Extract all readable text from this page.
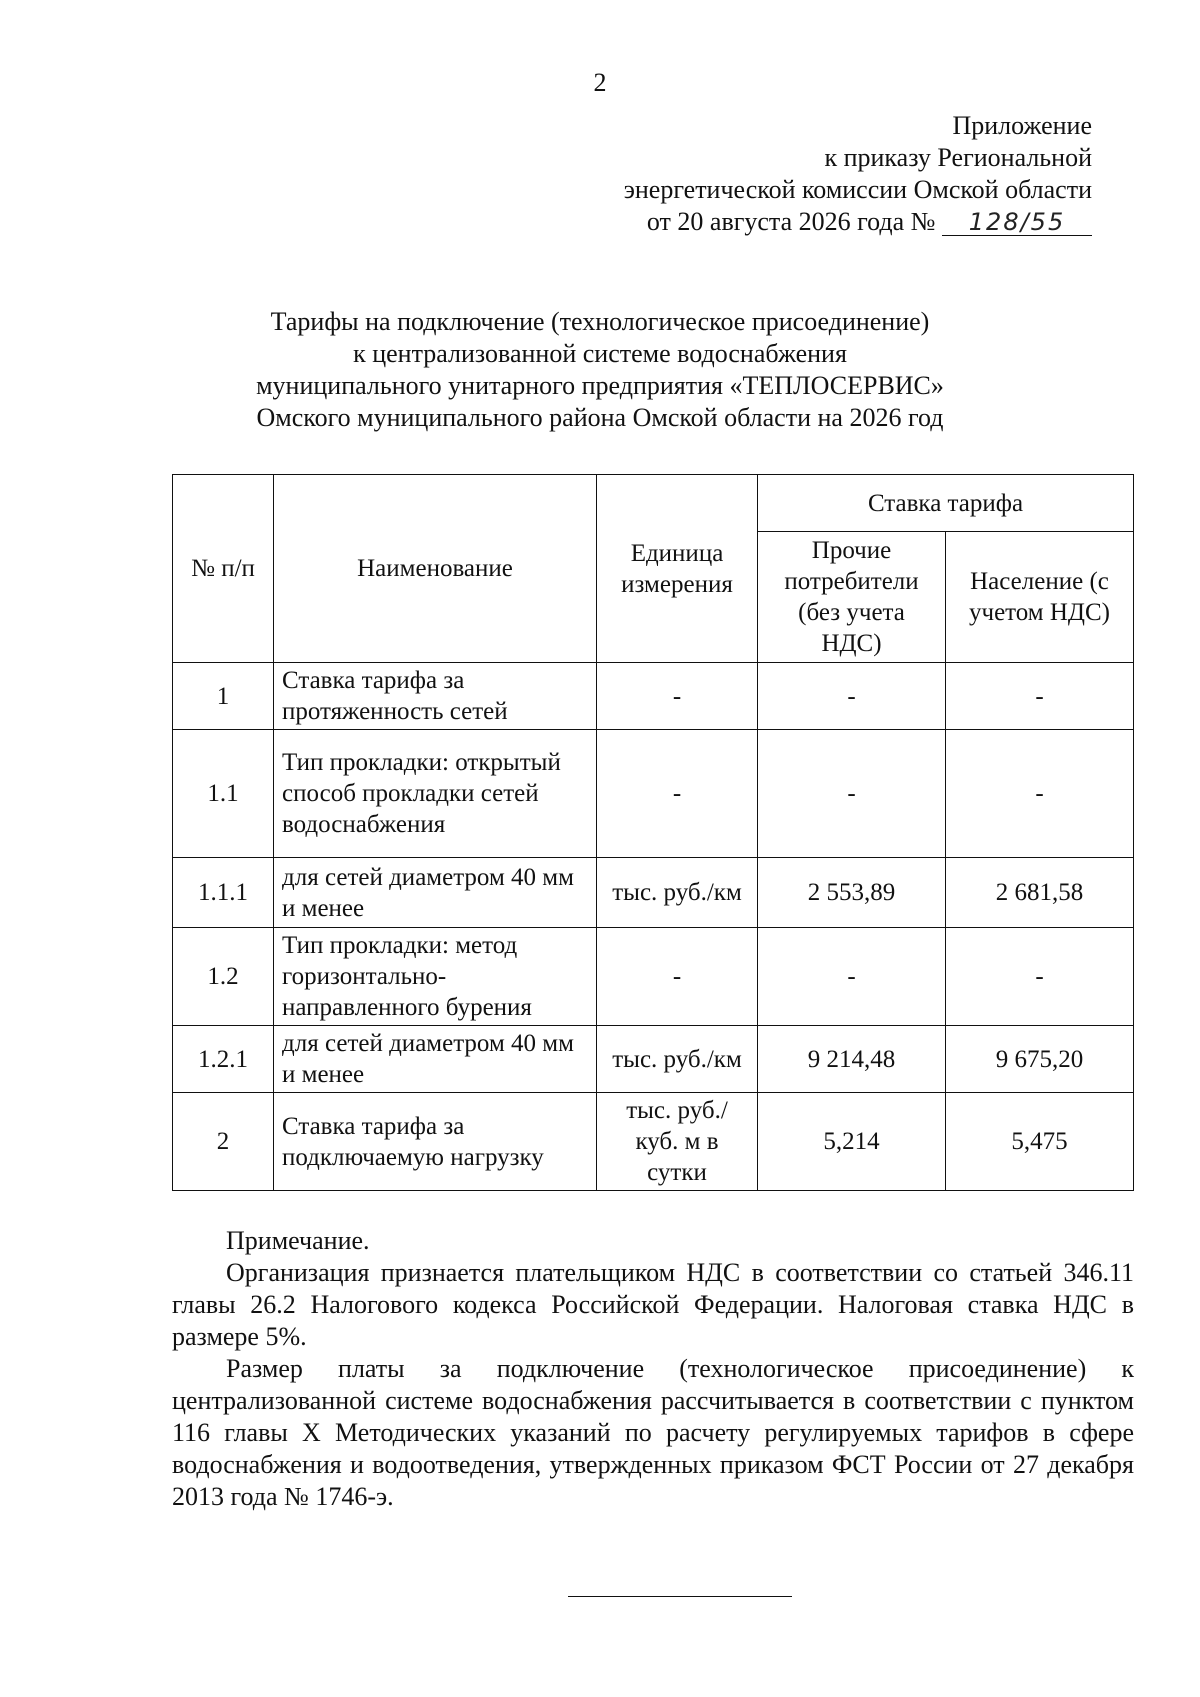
2
Приложение
к приказу Региональной
энергетической комиссии Омской области
от 20 августа 2026 года № 128/55
Тарифы на подключение (технологическое присоединение)
к централизованной системе водоснабжения
муниципального унитарного предприятия «ТЕПЛОСЕРВИС»
Омского муниципального района Омской области на 2026 год
№ п/п	Наименование	Единица измерения	Ставка тарифа	
			Прочие потребители (без учета НДС)	Население (с учетом НДС)
1	Ставка тарифа за протяженность сетей	-	-	-
1.1	Тип прокладки: открытый способ прокладки сетей водоснабжения	-	-	-
1.1.1	для сетей диаметром 40 мм и менее	тыс. руб./км	2 553,89	2 681,58
1.2	Тип прокладки: метод горизонтально-направленного бурения	-	-	-
1.2.1	для сетей диаметром 40 мм и менее	тыс. руб./км	9 214,48	9 675,20
2	Ставка тарифа за подключаемую нагрузку	тыс. руб./ куб. м в сутки	5,214	5,475

Примечание.

Организация признается плательщиком НДС в соответствии со статьей 346.11 главы 26.2 Налогового кодекса Российской Федерации. Налоговая ставка НДС в размере 5%.

Размер платы за подключение (технологическое присоединение) к централизованной системе водоснабжения рассчитывается в соответствии с пунктом 116 главы X Методических указаний по расчету регулируемых тарифов в сфере водоснабжения и водоотведения, утвержденных приказом ФСТ России от 27 декабря 2013 года № 1746-э.
